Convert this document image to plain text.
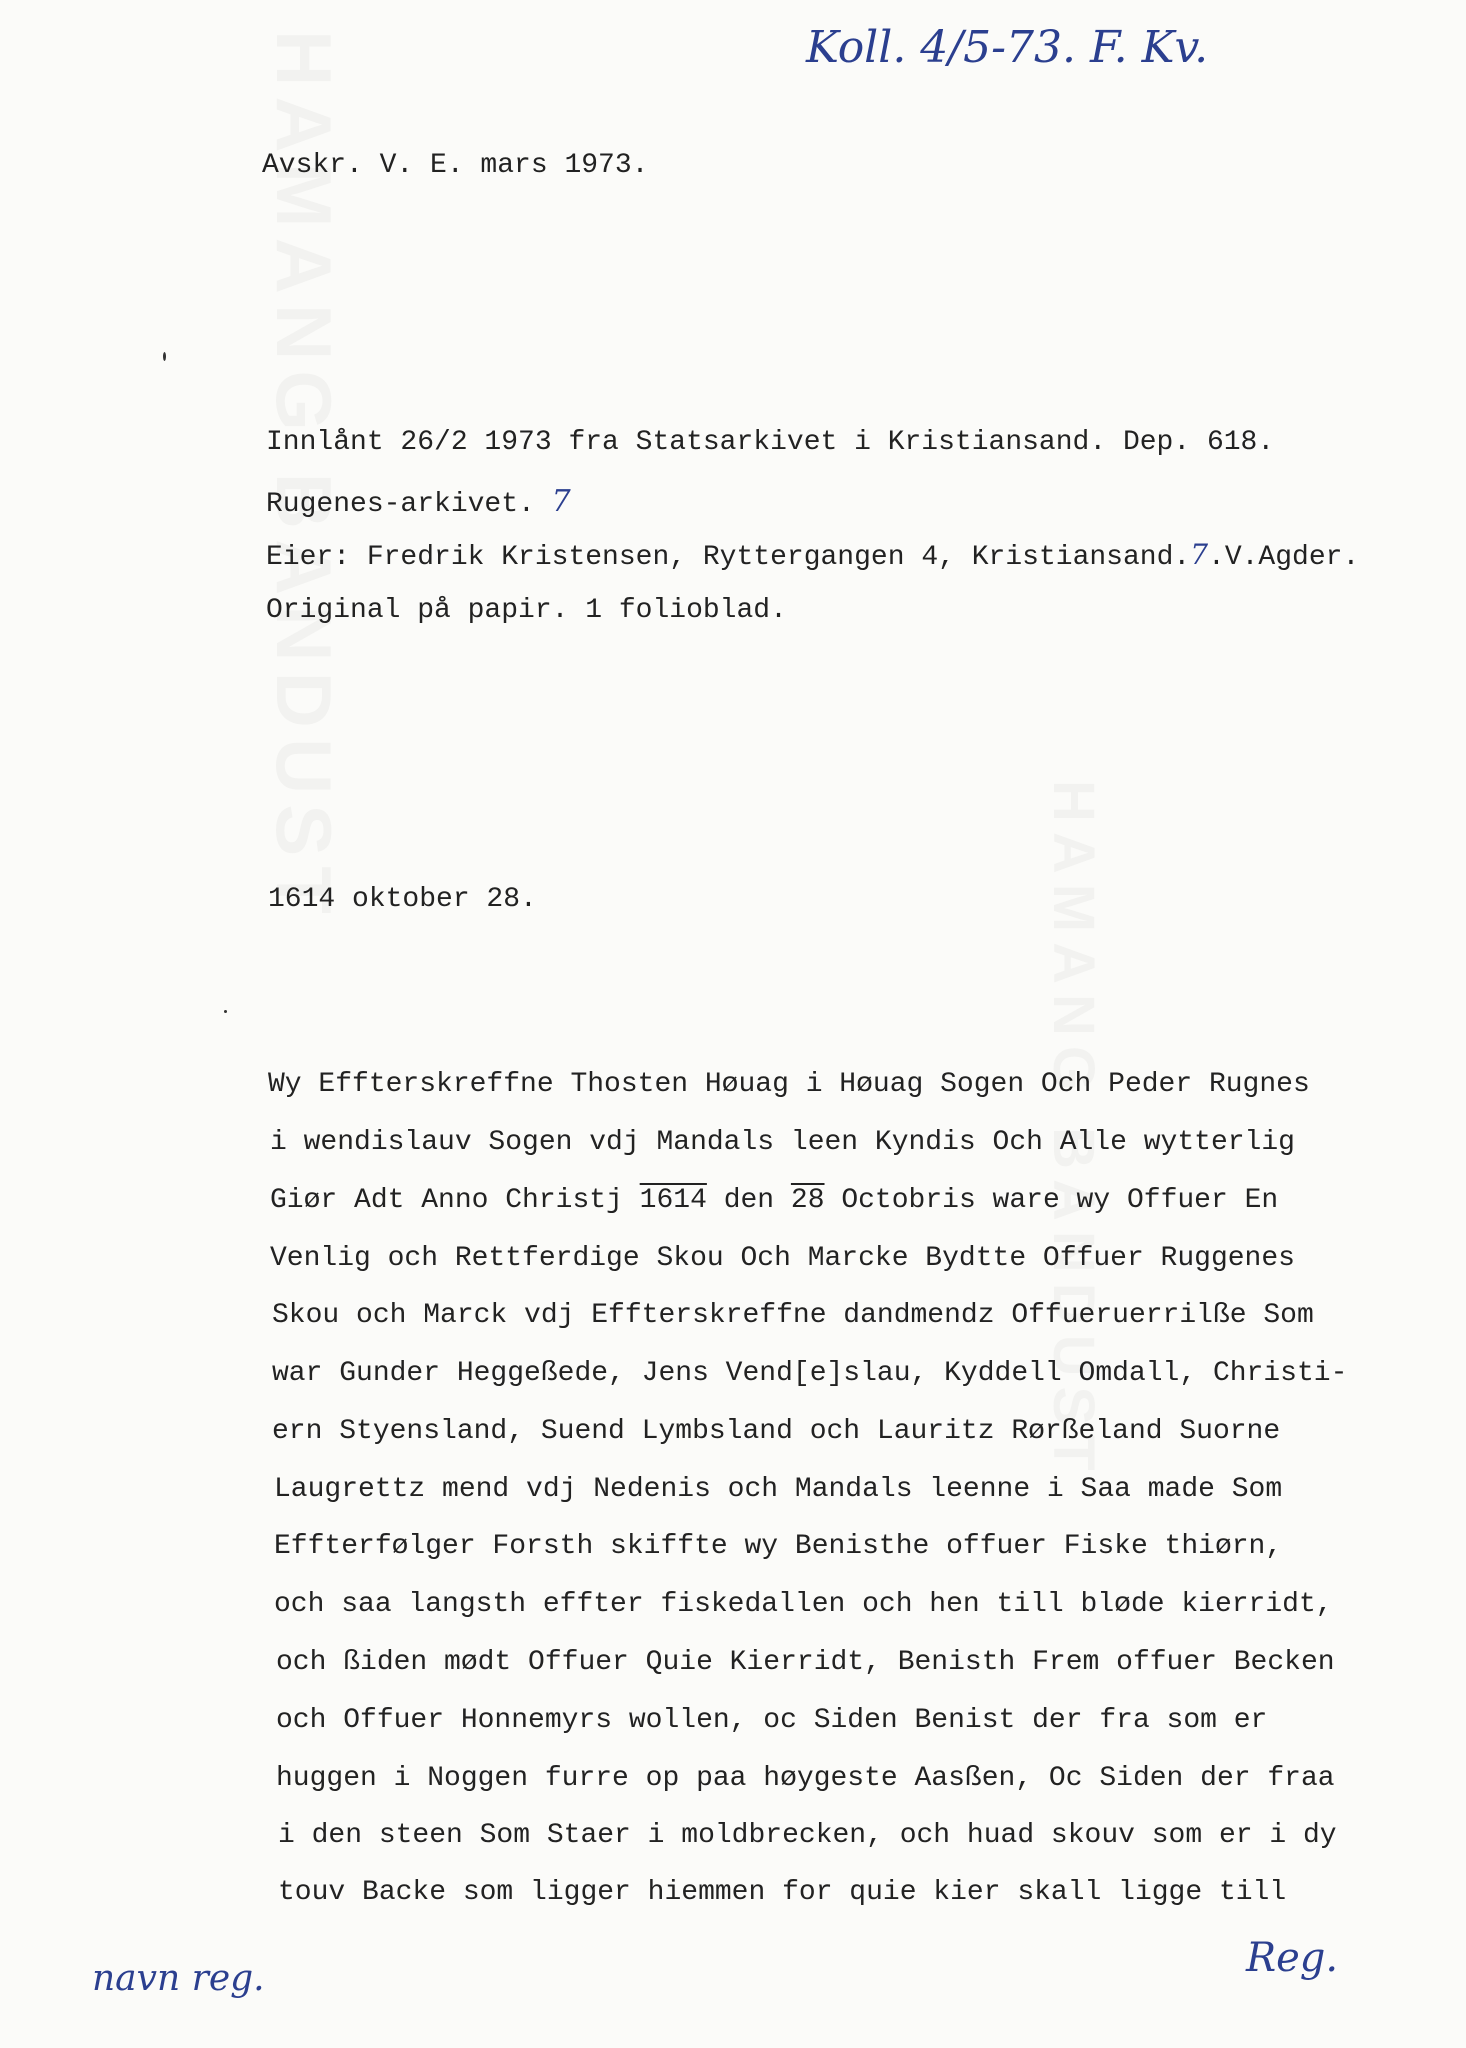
Koll. 4/5-73. F. Kv.

Avskr. V. E. mars 1973.

Innlånt 26/2 1973 fra Statsarkivet i Kristiansand. Dep. 618.

Rugenes-arkivet. 7

Eier: Fredrik Kristensen, Ryttergangen 4, Kristiansand.7.V.Agder.

Original på papir. 1 folioblad.

1614 oktober 28.

Wy Effterskreffne Thosten Høuag i Høuag Sogen Och Peder Rugnes

i wendislauv Sogen vdj Mandals leen Kyndis Och Alle wytterlig

Giør Adt Anno Christj 1614 den 28 Octobris ware wy Offuer En

Venlig och Rettferdige Skou Och Marcke Bydtte Offuer Ruggenes

Skou och Marck vdj Effterskreffne dandmendz Offueruerrilße Som

war Gunder Heggeßede, Jens Vend[e]slau, Kyddell Omdall, Christi-

ern Styensland, Suend Lymbsland och Lauritz Rørßeland Suorne

Laugrettz mend vdj Nedenis och Mandals leenne i Saa made Som

Effterfølger Forsth skiffte wy Benisthe offuer Fiske thiørn,

och saa langsth effter fiskedallen och hen till bløde kierridt,

och ßiden mødt Offuer Quie Kierridt, Benisth Frem offuer Becken

och Offuer Honnemyrs wollen, oc Siden Benist der fra som er

huggen i Noggen furre op paa høygeste Aasßen, Oc Siden der fraa

i den steen Som Staer i moldbrecken, och huad skouv som er i dy

touv Backe som ligger hiemmen for quie kier skall ligge till

navn reg.	Reg.
